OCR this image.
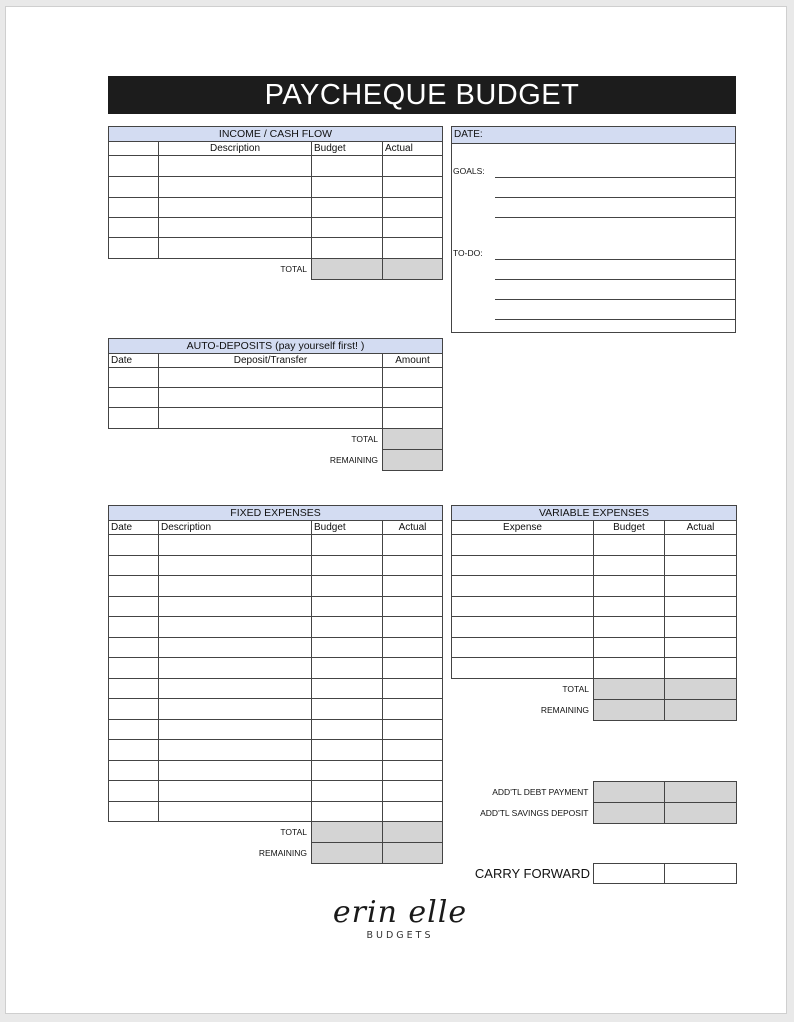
PAYCHEQUE BUDGET
INCOME / CASH FLOW			
	Description	Budget	Actual

TOTAL			
DATE:
GOALS:
TO-DO:
AUTO-DEPOSITS (pay yourself first! )		
Date	Deposit/Transfer	Amount

TOTAL		
REMAINING		
FIXED EXPENSES			
Date	Description	Budget	Actual

TOTAL			
REMAINING			
VARIABLE EXPENSES		
Expense	Budget	Actual

TOTAL		
REMAINING		
ADD'TL DEBT PAYMENT		
ADD'TL SAVINGS DEPOSIT		
CARRY FORWARD

erin elle
BUDGETS
